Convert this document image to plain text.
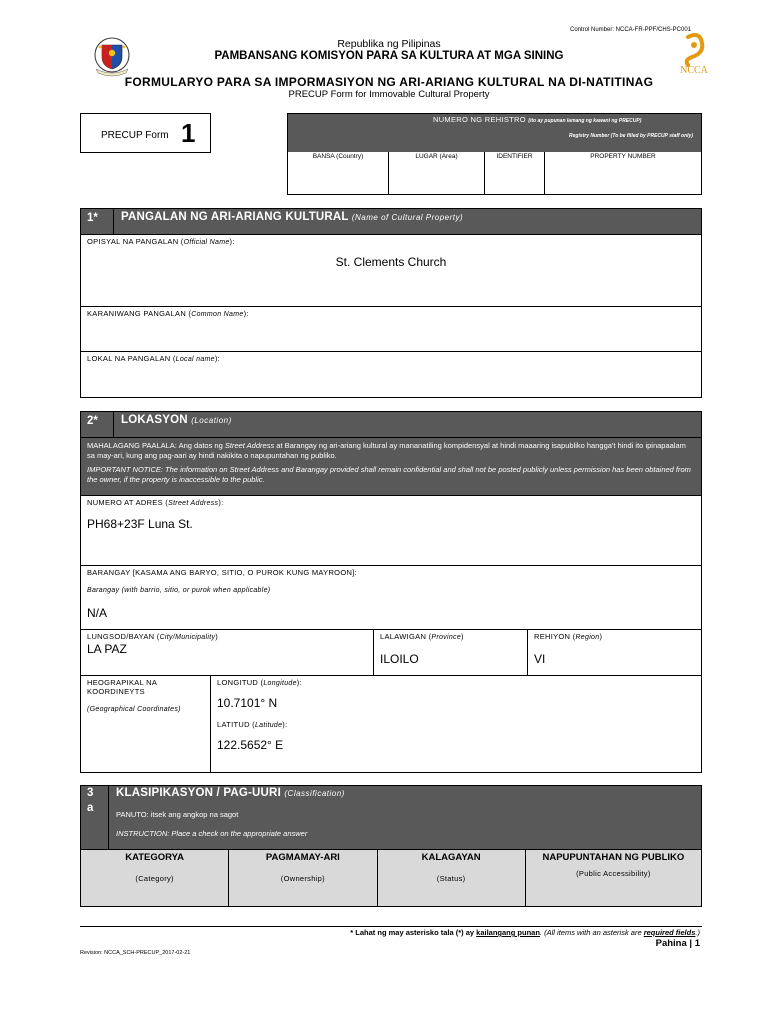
Control Number: NCCA-FR-PPF/CHS-PC001
NCCA
Republika ng Pilipinas
PAMBANSANG KOMISYON PARA SA KULTURA AT MGA SINING
FORMULARYO PARA SA IMPORMASIYON NG ARI-ARIANG KULTURAL NA DI-NATITINAG
PRECUP Form for Immovable Cultural Property
PRECUP Form 1	NUMERO NG REHISTRO (ito ay pupunan lamang ng kawani ng PRECUP)
Registry Number (To be filled by PRECUP staff only)
BANSA (Country)	LUGAR (Area)	IDENTIFIER	PROPERTY NUMBER
1* PANGALAN NG ARI-ARIANG KULTURAL (Name of Cultural Property)
OPISYAL NA PANGALAN (Official Name):
St. Clements Church
KARANIWANG PANGALAN (Common Name):
LOKAL NA PANGALAN (Local name):
2* LOKASYON (Location)
MAHALAGANG PAALALA: Ang datos ng Street Address at Barangay ng ari-ariang kultural ay mananatiling kompidensyal at hindi maaaring isapubliko hangga't hindi ito ipinapaalam sa may-ari, kung ang pag-aari ay hindi nakikita o napupuntahan ng publiko.
IMPORTANT NOTICE: The information on Street Address and Barangay provided shall remain confidential and shall not be posted publicly unless permission has been obtained from the owner, if the property is inaccessible to the public.
NUMERO AT ADRES (Street Address):
PH68+23F Luna St.
BARANGAY [KASAMA ANG BARYO, SITIO, O PUROK KUNG MAYROON]:
Barangay (with barrio, sitio, or purok when applicable)
N/A
LUNGSOD/BAYAN (City/Municipality)
LA PAZ
LALAWIGAN (Province)
ILOILO
REHIYON (Region)
VI
HEOGRAPIKAL NA
KOORDINEYTS
(Geographical Coordinates)
LONGITUD (Longitude):
10.7101° N
LATITUD (Latitude):
122.5652° E
3
a
KLASIPIKASYON / PAG-UURI (Classification)
PANUTO: itsek ang angkop na sagot
INSTRUCTION: Place a check on the appropriate answer
KATEGORYA
(Category)
PAGMAMAY-ARI
(Ownership)
KALAGAYAN
(Status)
NAPUPUNTAHAN NG PUBLIKO
(Public Accessibility)
* Lahat ng may asterisko tala (*) ay kailangang punan. (All items with an asterisk are required fields.)
Pahina | 1
Revision: NCCA_SCH-PRECUP_2017-02-21
